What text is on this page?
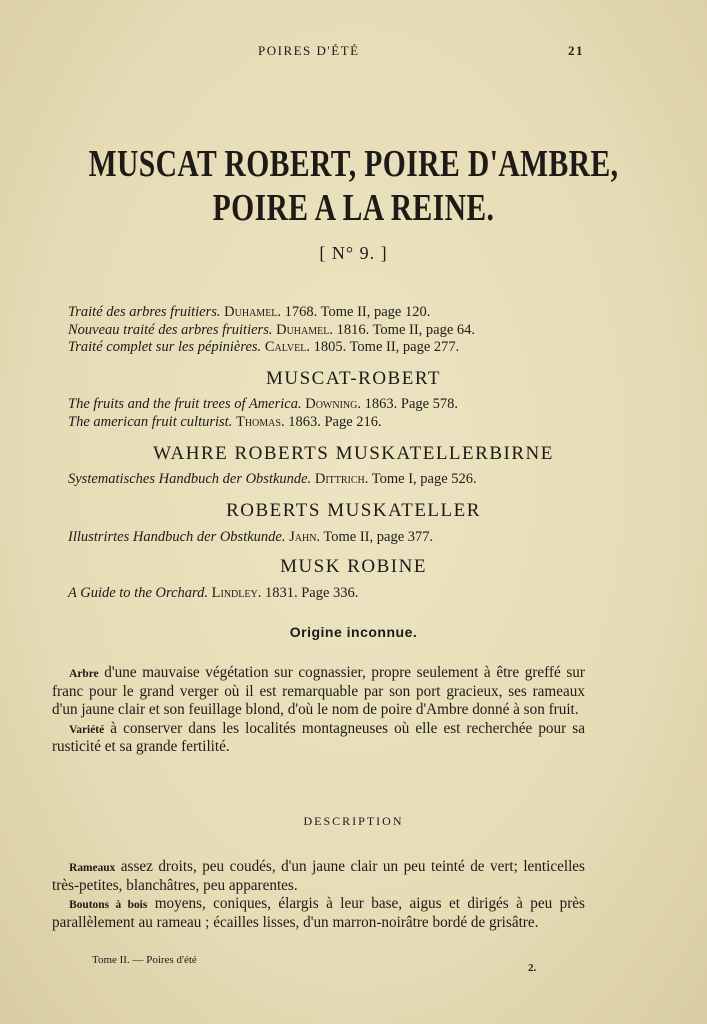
POIRES D'ÉTÉ	21
MUSCAT ROBERT, POIRE D'AMBRE,
POIRE A LA REINE.
[ N° 9. ]
Traité des arbres fruitiers. Duhamel. 1768. Tome II, page 120.
Nouveau traité des arbres fruitiers. Duhamel. 1816. Tome II, page 64.
Traité complet sur les pépinières. Calvel. 1805. Tome II, page 277.
MUSCAT-ROBERT
The fruits and the fruit trees of America. Downing. 1863. Page 578.
The american fruit culturist. Thomas. 1863. Page 216.
WAHRE ROBERTS MUSKATELLERBIRNE
Systematisches Handbuch der Obstkunde. Dittrich. Tome I, page 526.
ROBERTS MUSKATELLER
Illustrirtes Handbuch der Obstkunde. Jahn. Tome II, page 377.
MUSK ROBINE
A Guide to the Orchard. Lindley. 1831. Page 336.
Origine inconnue.

Arbre d'une mauvaise végétation sur cognassier, propre seulement à être greffé sur franc pour le grand verger où il est remarquable par son port gracieux, ses rameaux d'un jaune clair et son feuillage blond, d'où le nom de poire d'Ambre donné à son fruit.

Variété à conserver dans les localités montagneuses où elle est recherchée pour sa rusticité et sa grande fertilité.

DESCRIPTION

Rameaux assez droits, peu coudés, d'un jaune clair un peu teinté de vert; lenticelles très-petites, blanchâtres, peu apparentes.

Boutons à bois moyens, coniques, élargis à leur base, aigus et dirigés à peu près parallèlement au rameau ; écailles lisses, d'un marron-noirâtre bordé de grisâtre.

Tome II. — Poires d'été
2.
